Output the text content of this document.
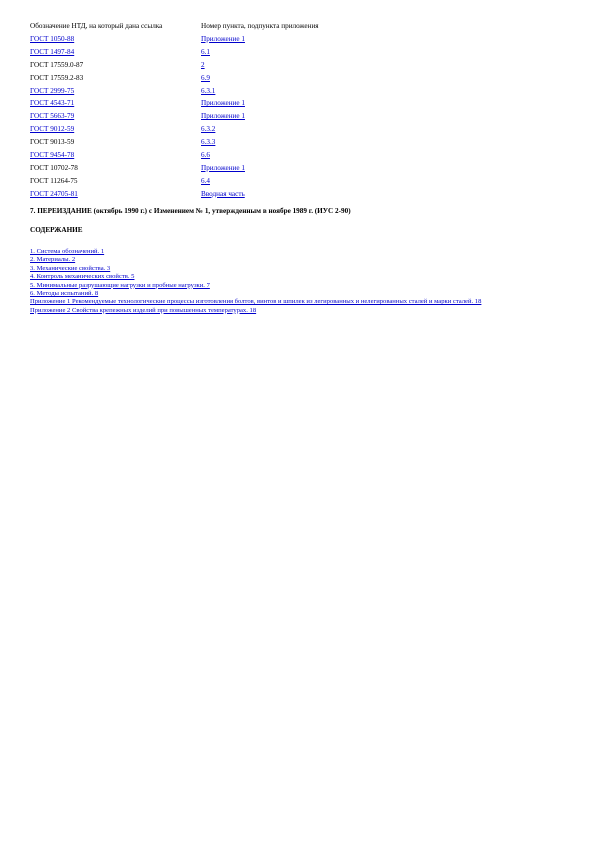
Обозначение НТД, на который дана ссылка	Номер пункта, подпункта приложения
ГОСТ 1050-88	Приложение 1
ГОСТ 1497-84	6.1
ГОСТ 17559.0-87	2
ГОСТ 17559.2-83	6.9
ГОСТ 2999-75	6.3.1
ГОСТ 4543-71	Приложение 1
ГОСТ 5663-79	Приложение 1
ГОСТ 9012-59	6.3.2
ГОСТ 9013-59	6.3.3
ГОСТ 9454-78	6.6
ГОСТ 10702-78	Приложение 1
ГОСТ 11264-75	6.4
ГОСТ 24705-81	Вводная часть
7. ПЕРЕИЗДАНИЕ (октябрь 1990 г.) с Изменением № 1, утвержденным в ноябре 1989 г. (ИУС 2-90)
СОДЕРЖАНИЕ
1. Система обозначений. 1
2. Материалы. 2
3. Механические свойства. 3
4. Контроль механических свойств. 5
5. Минимальные разрушающие нагрузки и пробные нагрузки. 7
6. Методы испытаний. 8
Приложение 1 Рекомендуемые технологические процессы изготовления болтов, винтов и шпилек из легированных и нелегированных сталей и марки сталей. 18
Приложение 2 Свойства крепежных изделий при повышенных температурах. 18
